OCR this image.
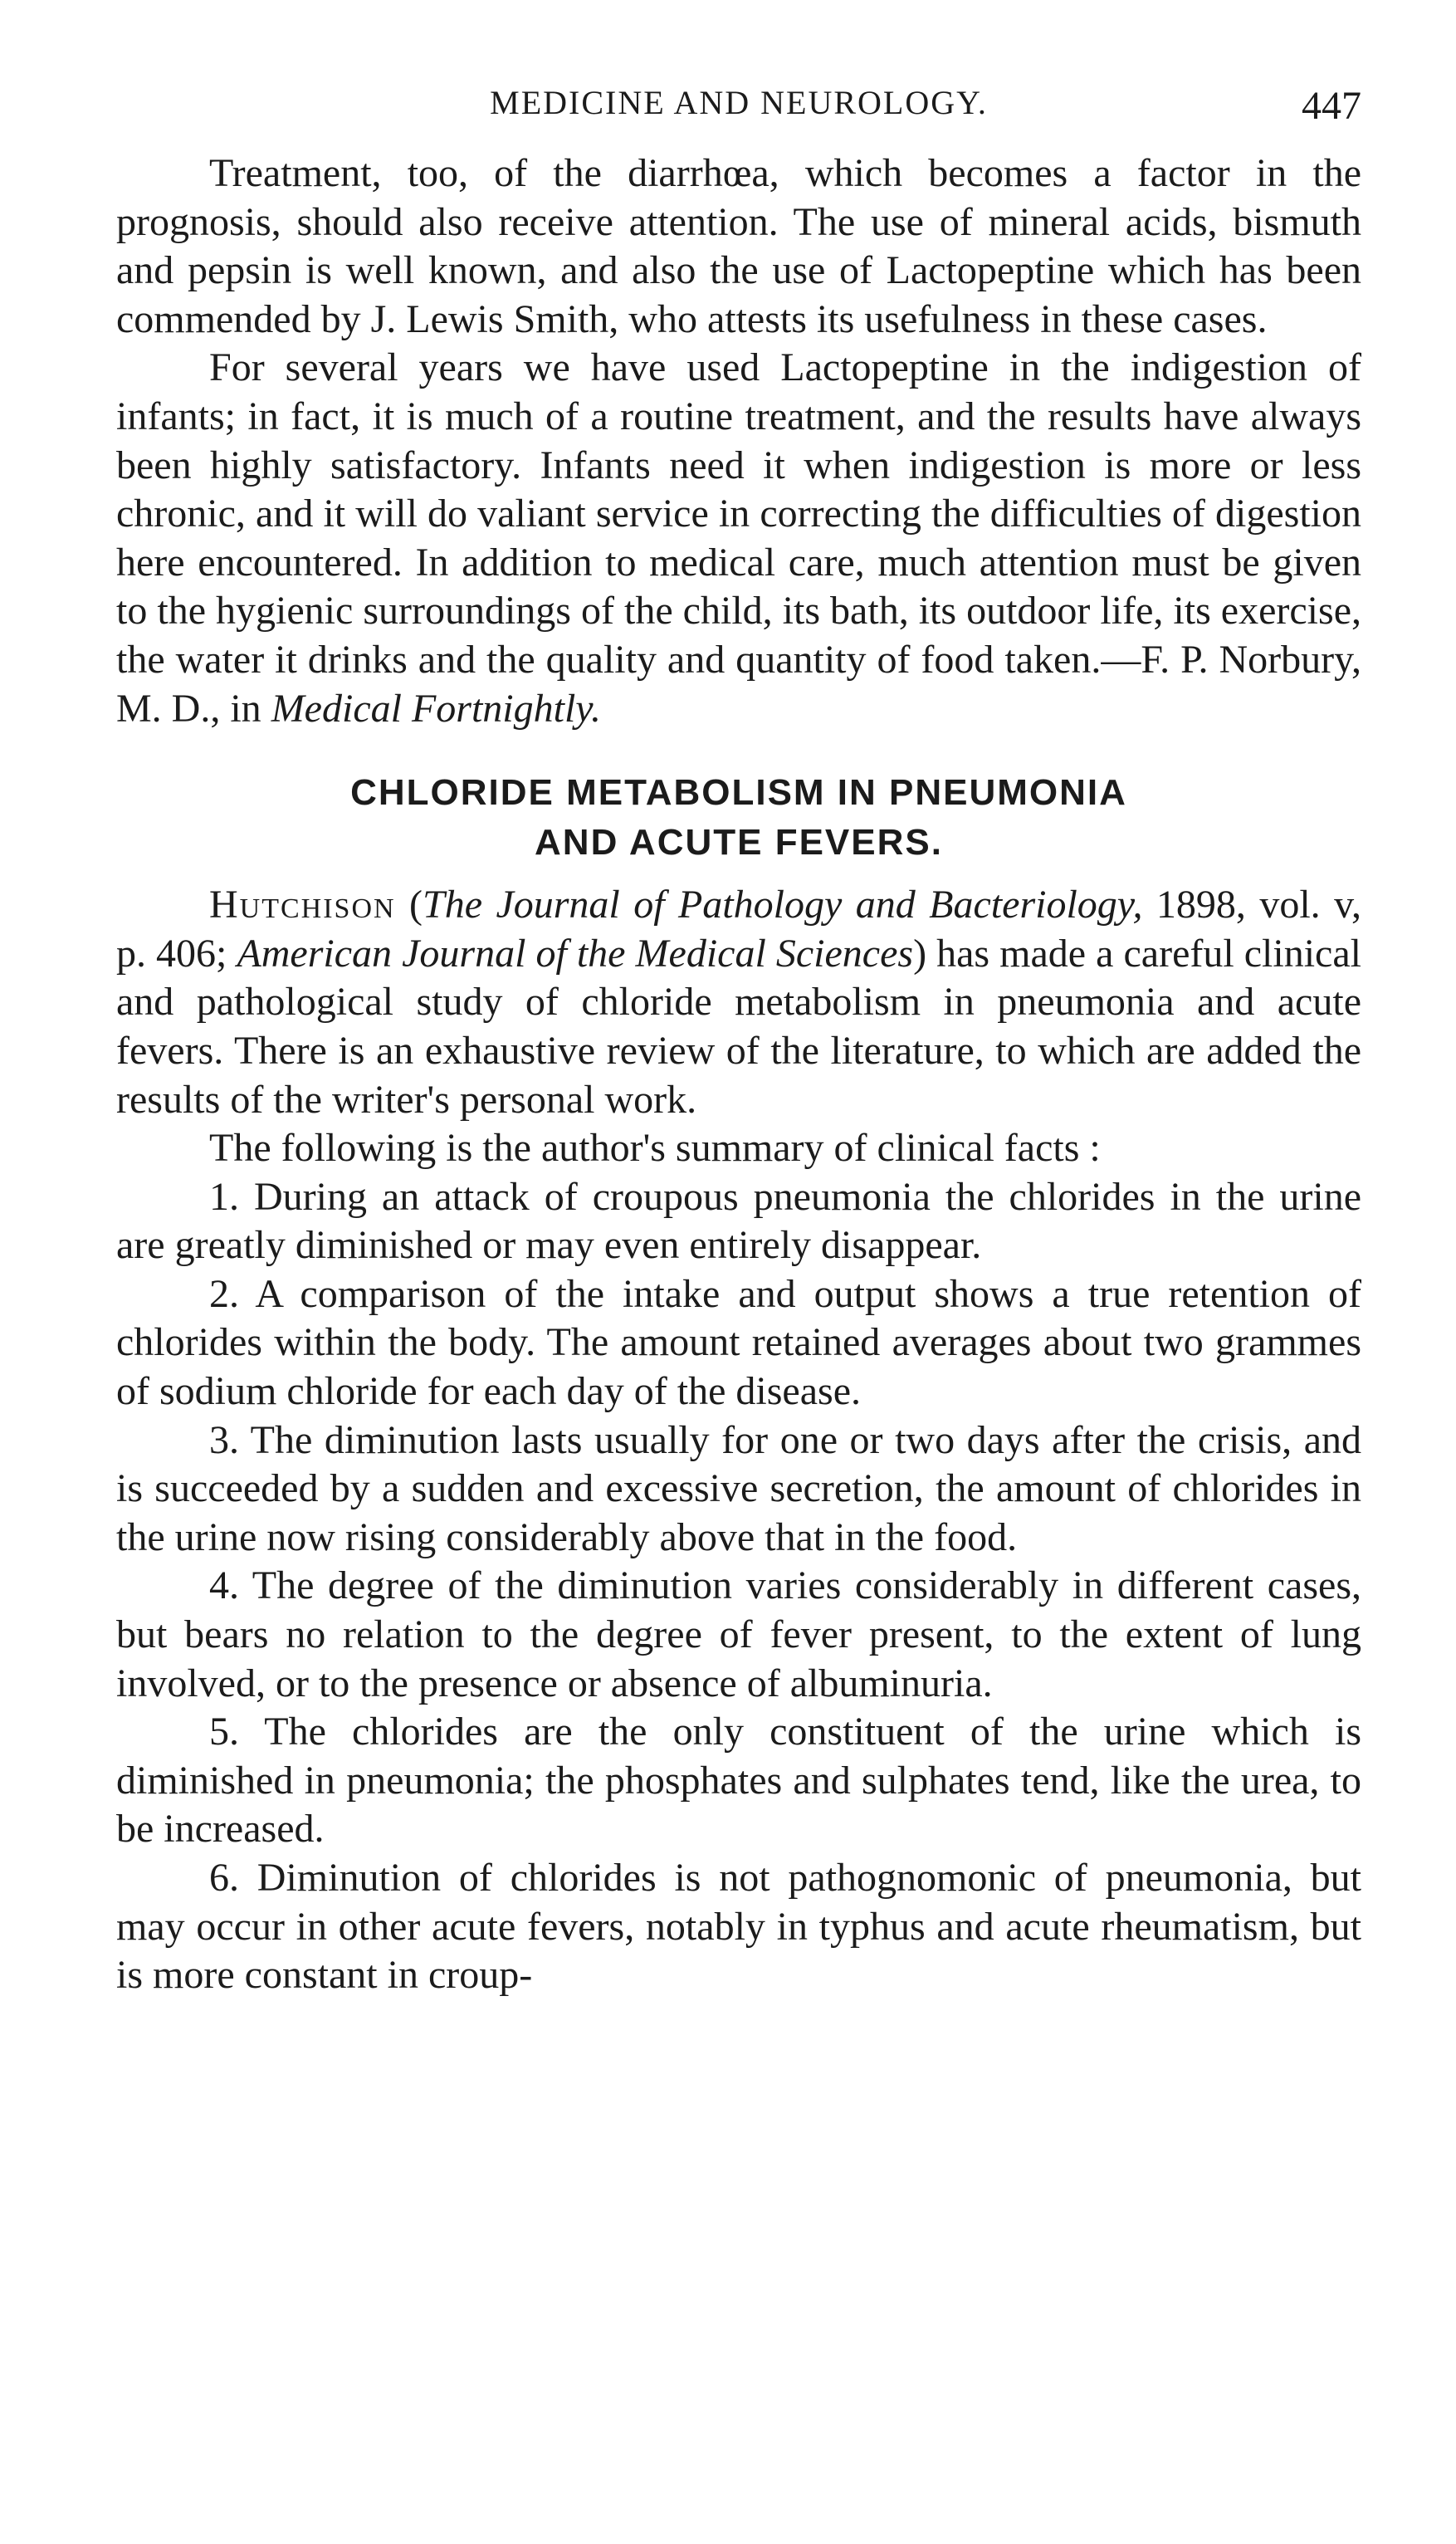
MEDICINE AND NEUROLOGY.	447

Treatment, too, of the diarrhœa, which becomes a factor in the prognosis, should also receive attention. The use of mineral acids, bismuth and pepsin is well known, and also the use of Lactopeptine which has been commended by J. Lewis Smith, who attests its usefulness in these cases.

For several years we have used Lactopeptine in the indigestion of infants; in fact, it is much of a routine treatment, and the results have always been highly satisfactory. Infants need it when indigestion is more or less chronic, and it will do valiant service in correcting the difficulties of digestion here encountered. In addition to medical care, much attention must be given to the hygienic surroundings of the child, its bath, its outdoor life, its exercise, the water it drinks and the quality and quantity of food taken.—F. P. Norbury, M. D., in Medical Fortnightly.

CHLORIDE METABOLISM IN PNEUMONIA
AND ACUTE FEVERS.

Hutchison (The Journal of Pathology and Bacteriology, 1898, vol. v, p. 406; American Journal of the Medical Sciences) has made a careful clinical and pathological study of chloride metabolism in pneumonia and acute fevers. There is an exhaustive review of the literature, to which are added the results of the writer's personal work.

The following is the author's summary of clinical facts :

1. During an attack of croupous pneumonia the chlorides in the urine are greatly diminished or may even entirely disappear.

2. A comparison of the intake and output shows a true retention of chlorides within the body. The amount retained averages about two grammes of sodium chloride for each day of the disease.

3. The diminution lasts usually for one or two days after the crisis, and is succeeded by a sudden and excessive secretion, the amount of chlorides in the urine now rising considerably above that in the food.

4. The degree of the diminution varies considerably in different cases, but bears no relation to the degree of fever present, to the extent of lung involved, or to the presence or absence of albuminuria.

5. The chlorides are the only constituent of the urine which is diminished in pneumonia; the phosphates and sulphates tend, like the urea, to be increased.

6. Diminution of chlorides is not pathognomonic of pneumonia, but may occur in other acute fevers, notably in typhus and acute rheumatism, but is more constant in croup-
